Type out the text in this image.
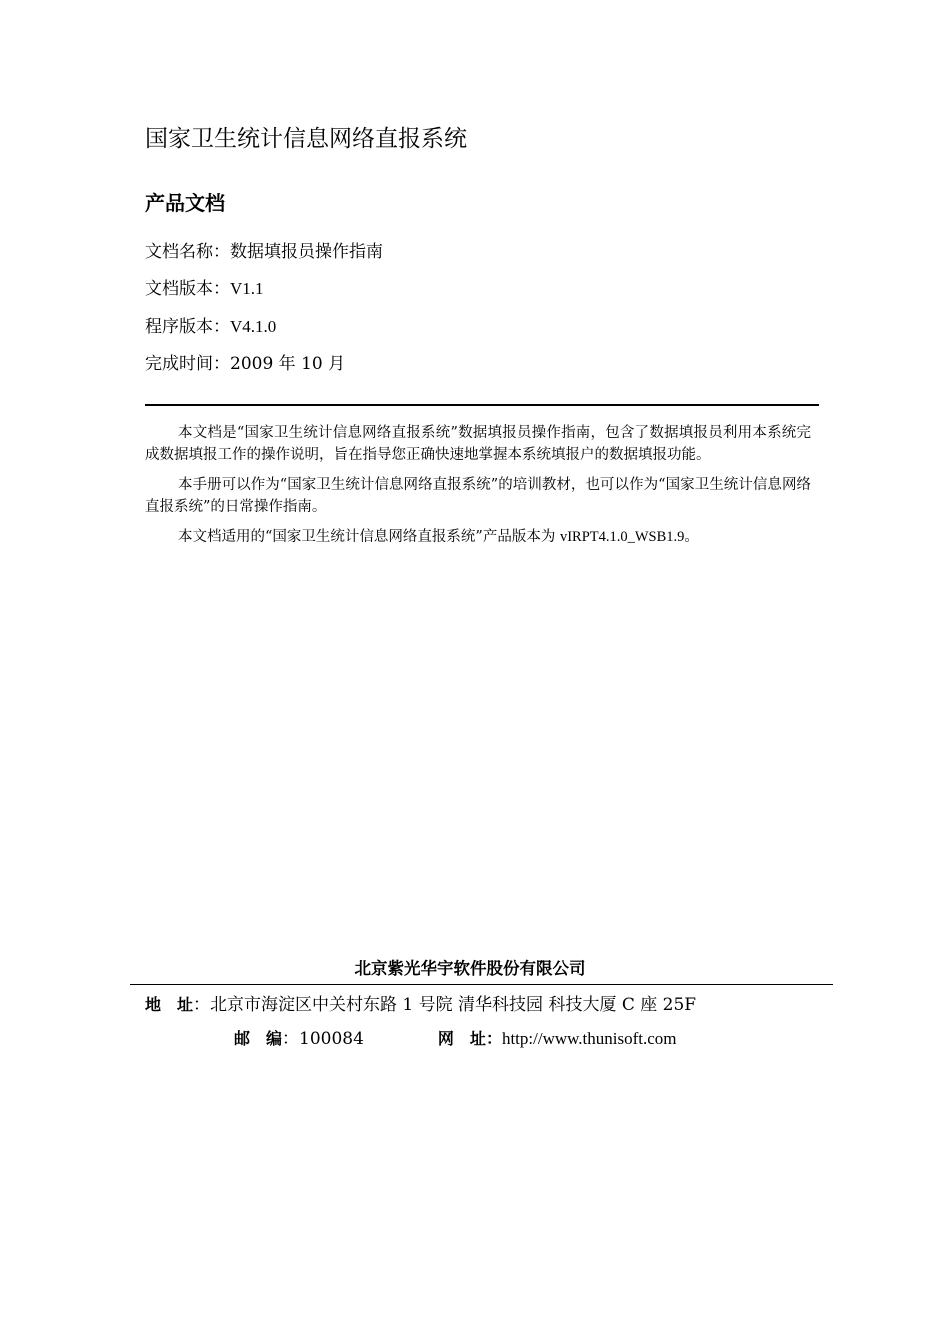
国家卫生统计信息网络直报系统
产品文档
文档名称：数据填报员操作指南
文档版本：V1.1
程序版本：V4.1.0
完成时间：2009 年 10 月

本文档是“国家卫生统计信息网络直报系统”数据填报员操作指南，包含了数据填报员利用本系统完成数据填报工作的操作说明，旨在指导您正确快速地掌握本系统填报户的数据填报功能。

本手册可以作为“国家卫生统计信息网络直报系统”的培训教材，也可以作为“国家卫生统计信息网络直报系统”的日常操作指南。

本文档适用的“国家卫生统计信息网络直报系统”产品版本为 vIRPT4.1.0_WSB1.9。

北京紫光华宇软件股份有限公司
地　址：北京市海淀区中关村东路 1 号院 清华科技园 科技大厦 C 座 25F
邮　编：100084	网　址：http://www.thunisoft.com
